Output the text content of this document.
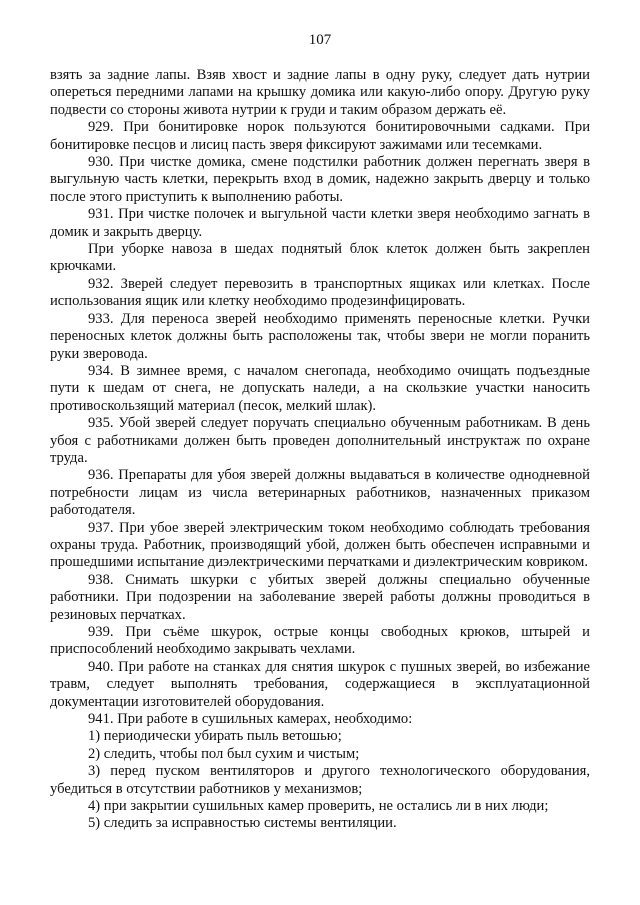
107

взять за задние лапы. Взяв хвост и задние лапы в одну руку, следует дать нутрии опереться передними лапами на крышку домика или какую-либо опору. Другую руку подвести со стороны живота нутрии к груди и таким образом держать её.

929. При бонитировке норок пользуются бонитировочными садками. При бонитировке песцов и лисиц пасть зверя фиксируют зажимами или тесемками.

930. При чистке домика, смене подстилки работник должен перегнать зверя в выгульную часть клетки, перекрыть вход в домик, надежно закрыть дверцу и только после этого приступить к выполнению работы.

931. При чистке полочек и выгульной части клетки зверя необходимо загнать в домик и закрыть дверцу.

При уборке навоза в шедах поднятый блок клеток должен быть закреплен крючками.

932. Зверей следует перевозить в транспортных ящиках или клетках. После использования ящик или клетку необходимо продезинфицировать.

933. Для переноса зверей необходимо применять переносные клетки. Ручки переносных клеток должны быть расположены так, чтобы звери не могли поранить руки звероводa.

934. В зимнее время, с началом снегопада, необходимо очищать подъездные пути к шедам от снега, не допускать наледи, а на скользкие участки наносить противоскользящий материал (песок, мелкий шлак).

935. Убой зверей следует поручать специально обученным работникам. В день убоя с работниками должен быть проведен дополнительный инструктаж по охране труда.

936. Препараты для убоя зверей должны выдаваться в количестве однодневной потребности лицам из числа ветеринарных работников, назначенных приказом работодателя.

937. При убое зверей электрическим током необходимо соблюдать требования охраны труда. Работник, производящий убой, должен быть обеспечен исправными и прошедшими испытание диэлектрическими перчатками и диэлектрическим ковриком.

938. Снимать шкурки с убитых зверей должны специально обученные работники. При подозрении на заболевание зверей работы должны проводиться в резиновых перчатках.

939. При съёме шкурок, острые концы свободных крюков, штырей и приспособлений необходимо закрывать чехлами.

940. При работе на станках для снятия шкурок с пушных зверей, во избежание травм, следует выполнять требования, содержащиеся в эксплуатационной документации изготовителей оборудования.

941. При работе в сушильных камерах, необходимо:

1) периодически убирать пыль ветошью;

2) следить, чтобы пол был сухим и чистым;

3) перед пуском вентиляторов и другого технологического оборудования, убедиться в отсутствии работников у механизмов;

4) при закрытии сушильных камер проверить, не остались ли в них люди;

5) следить за исправностью системы вентиляции.
